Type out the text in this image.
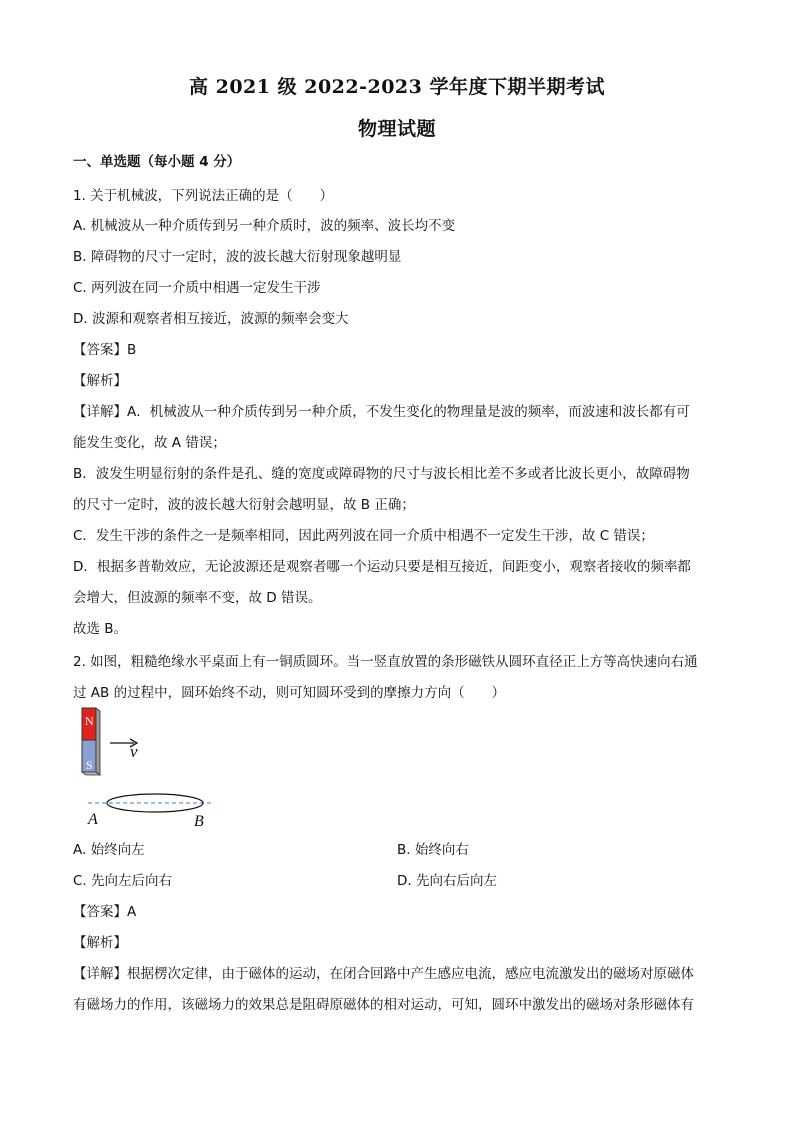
高 2021 级 2022-2023 学年度下期半期考试
物理试题
一、单选题（每小题 4 分）
1. 关于机械波，下列说法正确的是（　　）
A. 机械波从一种介质传到另一种介质时，波的频率、波长均不变
B. 障碍物的尺寸一定时，波的波长越大衍射现象越明显
C. 两列波在同一介质中相遇一定发生干涉
D. 波源和观察者相互接近，波源的频率会变大
【答案】B
【解析】
【详解】A．机械波从一种介质传到另一种介质，不发生变化的物理量是波的频率，而波速和波长都有可
能发生变化，故 A 错误；
B．波发生明显衍射的条件是孔、缝的宽度或障碍物的尺寸与波长相比差不多或者比波长更小，故障碍物
的尺寸一定时，波的波长越大衍射会越明显，故 B 正确；
C．发生干涉的条件之一是频率相同，因此两列波在同一介质中相遇不一定发生干涉，故 C 错误；
D．根据多普勒效应，无论波源还是观察者哪一个运动只要是相互接近，间距变小，观察者接收的频率都
会增大，但波源的频率不变，故 D 错误。
故选 B。
2. 如图，粗糙绝缘水平桌面上有一铜质圆环。当一竖直放置的条形磁铁从圆环直径正上方等高快速向右通
过 AB 的过程中，圆环始终不动，则可知圆环受到的摩擦力方向（　　）
N
S
v
A	B
A. 始终向左	B. 始终向右
C. 先向左后向右	D. 先向右后向左
【答案】A
【解析】
【详解】根据楞次定律，由于磁体的运动，在闭合回路中产生感应电流，感应电流激发出的磁场对原磁体
有磁场力的作用，该磁场力的效果总是阻碍原磁体的相对运动，可知，圆环中激发出的磁场对条形磁体有
